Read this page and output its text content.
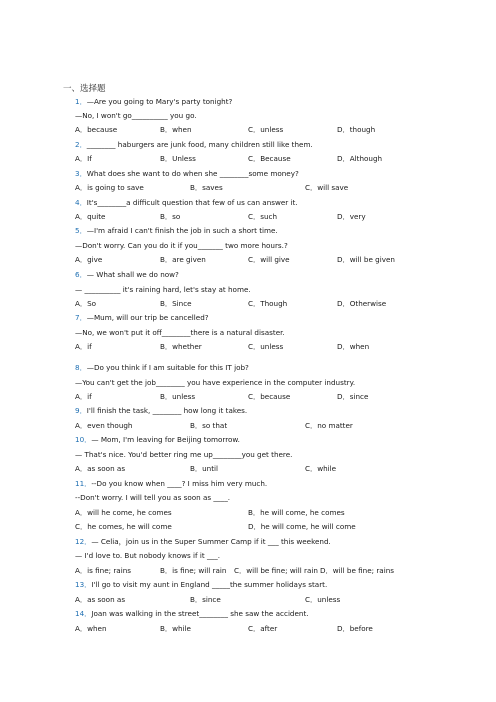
一、选择题
1．—Are you going to Mary's party tonight?
—No, I won't go__________ you go.
A．because	B．when	C．unless	D．though
2．________ haburgers are junk food, many children still like them.
A．If	B．Unless	C．Because	D．Although
3．What does she want to do when she ________some money?
A．is going to save	B．saves	C．will save
4．It's________a difficult question that few of us can answer it.
A．quite	B．so	C．such	D．very
5．—I'm afraid I can't finish the job in such a short time.
—Don't worry. Can you do it if you_______ two more hours.?
A．give	B．are given	C．will give	D．will be given
6．— What shall we do now?
— __________ it's raining hard, let's stay at home.
A．So	B．Since	C．Though	D．Otherwise
7．—Mum, will our trip be cancelled?
—No, we won't put it off________there is a natural disaster.
A．if	B．whether	C．unless	D．when
8．—Do you think if I am suitable for this IT job?
—You can't get the job________ you have experience in the computer industry.
A．if	B．unless	C．because	D．since
9．I'll finish the task, ________ how long it takes.
A．even though	B．so that	C．no matter
10．— Mom, I'm leaving for Beijing tomorrow.
— That's nice. You'd better ring me up________you get there.
A．as soon as	B．until	C．while
11．--Do you know when ____? I miss him very much.
--Don't worry. I will tell you as soon as ____.
A．will he come, he comes	B．he will come, he comes
C．he comes, he will come	D．he will come, he will come
12．— Celia，join us in the Super Summer Camp if it ___ this weekend.
— I'd love to. But nobody knows if it ___.
A．is fine; rains	B．is fine; will rain C．will be fine; will rain D．will be fine; rains
13．I'll go to visit my aunt in England _____the summer holidays start.
A．as soon as	B．since	C．unless
14．Joan was walking in the street________ she saw the accident.
A．when	B．while	C．after	D．before
